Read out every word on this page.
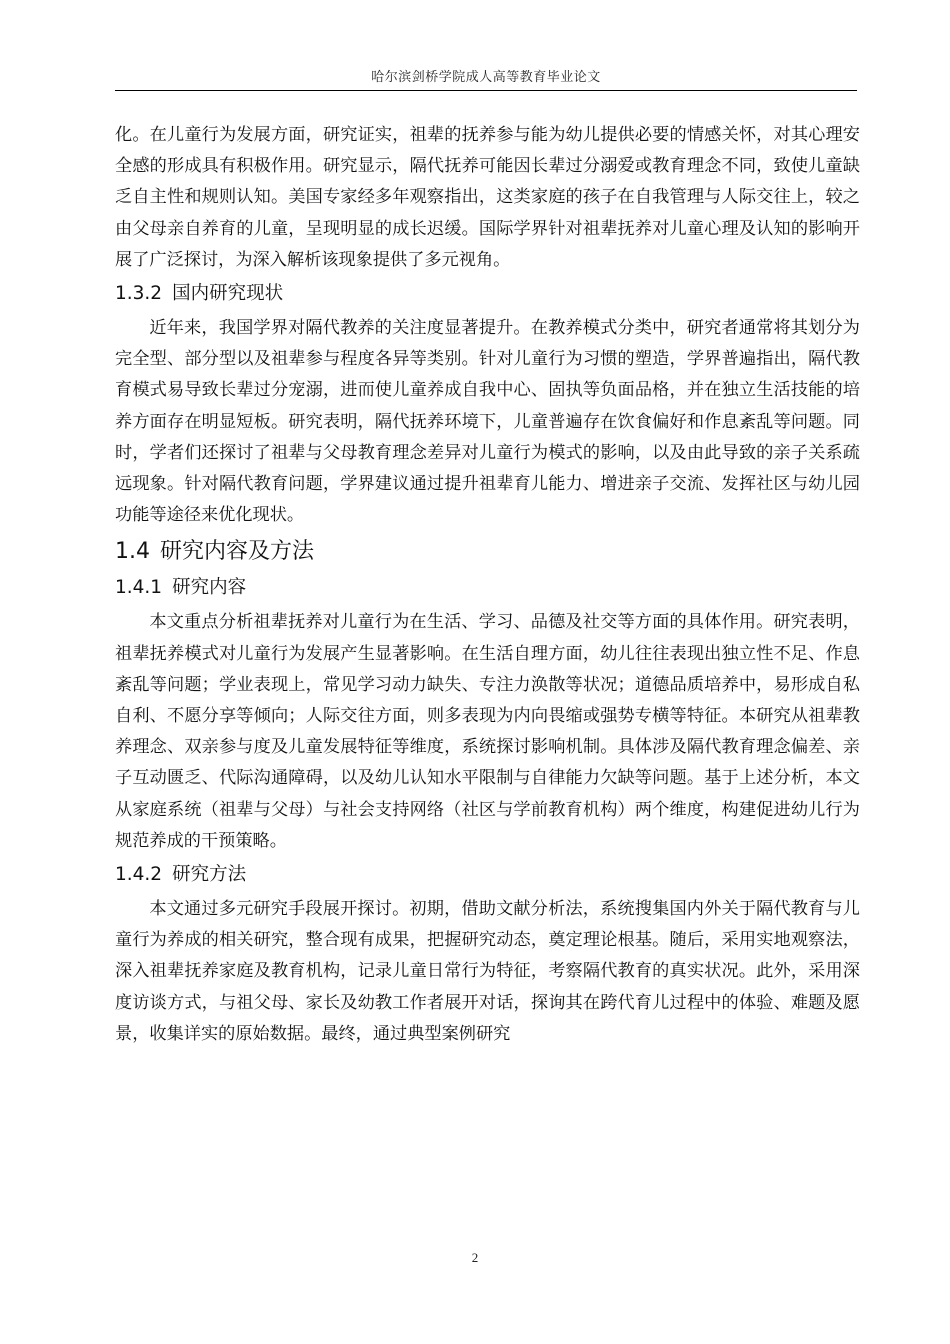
哈尔滨剑桥学院成人高等教育毕业论文

化。在儿童行为发展方面，研究证实，祖辈的抚养参与能为幼儿提供必要的情感关怀，对其心理安全感的形成具有积极作用。研究显示，隔代抚养可能因长辈过分溺爱或教育理念不同，致使儿童缺乏自主性和规则认知。美国专家经多年观察指出，这类家庭的孩子在自我管理与人际交往上，较之由父母亲自养育的儿童，呈现明显的成长迟缓。国际学界针对祖辈抚养对儿童心理及认知的影响开展了广泛探讨，为深入解析该现象提供了多元视角。

1.3.2 国内研究现状

近年来，我国学界对隔代教养的关注度显著提升。在教养模式分类中，研究者通常将其划分为完全型、部分型以及祖辈参与程度各异等类别。针对儿童行为习惯的塑造，学界普遍指出，隔代教育模式易导致长辈过分宠溺，进而使儿童养成自我中心、固执等负面品格，并在独立生活技能的培养方面存在明显短板。研究表明，隔代抚养环境下，儿童普遍存在饮食偏好和作息紊乱等问题。同时，学者们还探讨了祖辈与父母教育理念差异对儿童行为模式的影响，以及由此导致的亲子关系疏远现象。针对隔代教育问题，学界建议通过提升祖辈育儿能力、增进亲子交流、发挥社区与幼儿园功能等途径来优化现状。

1.4 研究内容及方法
1.4.1 研究内容

本文重点分析祖辈抚养对儿童行为在生活、学习、品德及社交等方面的具体作用。研究表明，祖辈抚养模式对儿童行为发展产生显著影响。在生活自理方面，幼儿往往表现出独立性不足、作息紊乱等问题；学业表现上，常见学习动力缺失、专注力涣散等状况；道德品质培养中，易形成自私自利、不愿分享等倾向；人际交往方面，则多表现为内向畏缩或强势专横等特征。本研究从祖辈教养理念、双亲参与度及儿童发展特征等维度，系统探讨影响机制。具体涉及隔代教育理念偏差、亲子互动匮乏、代际沟通障碍，以及幼儿认知水平限制与自律能力欠缺等问题。基于上述分析，本文从家庭系统（祖辈与父母）与社会支持网络（社区与学前教育机构）两个维度，构建促进幼儿行为规范养成的干预策略。

1.4.2 研究方法

本文通过多元研究手段展开探讨。初期，借助文献分析法，系统搜集国内外关于隔代教育与儿童行为养成的相关研究，整合现有成果，把握研究动态，奠定理论根基。随后，采用实地观察法，深入祖辈抚养家庭及教育机构，记录儿童日常行为特征，考察隔代教育的真实状况。此外，采用深度访谈方式，与祖父母、家长及幼教工作者展开对话，探询其在跨代育儿过程中的体验、难题及愿景，收集详实的原始数据。最终，通过典型案例研究

2
